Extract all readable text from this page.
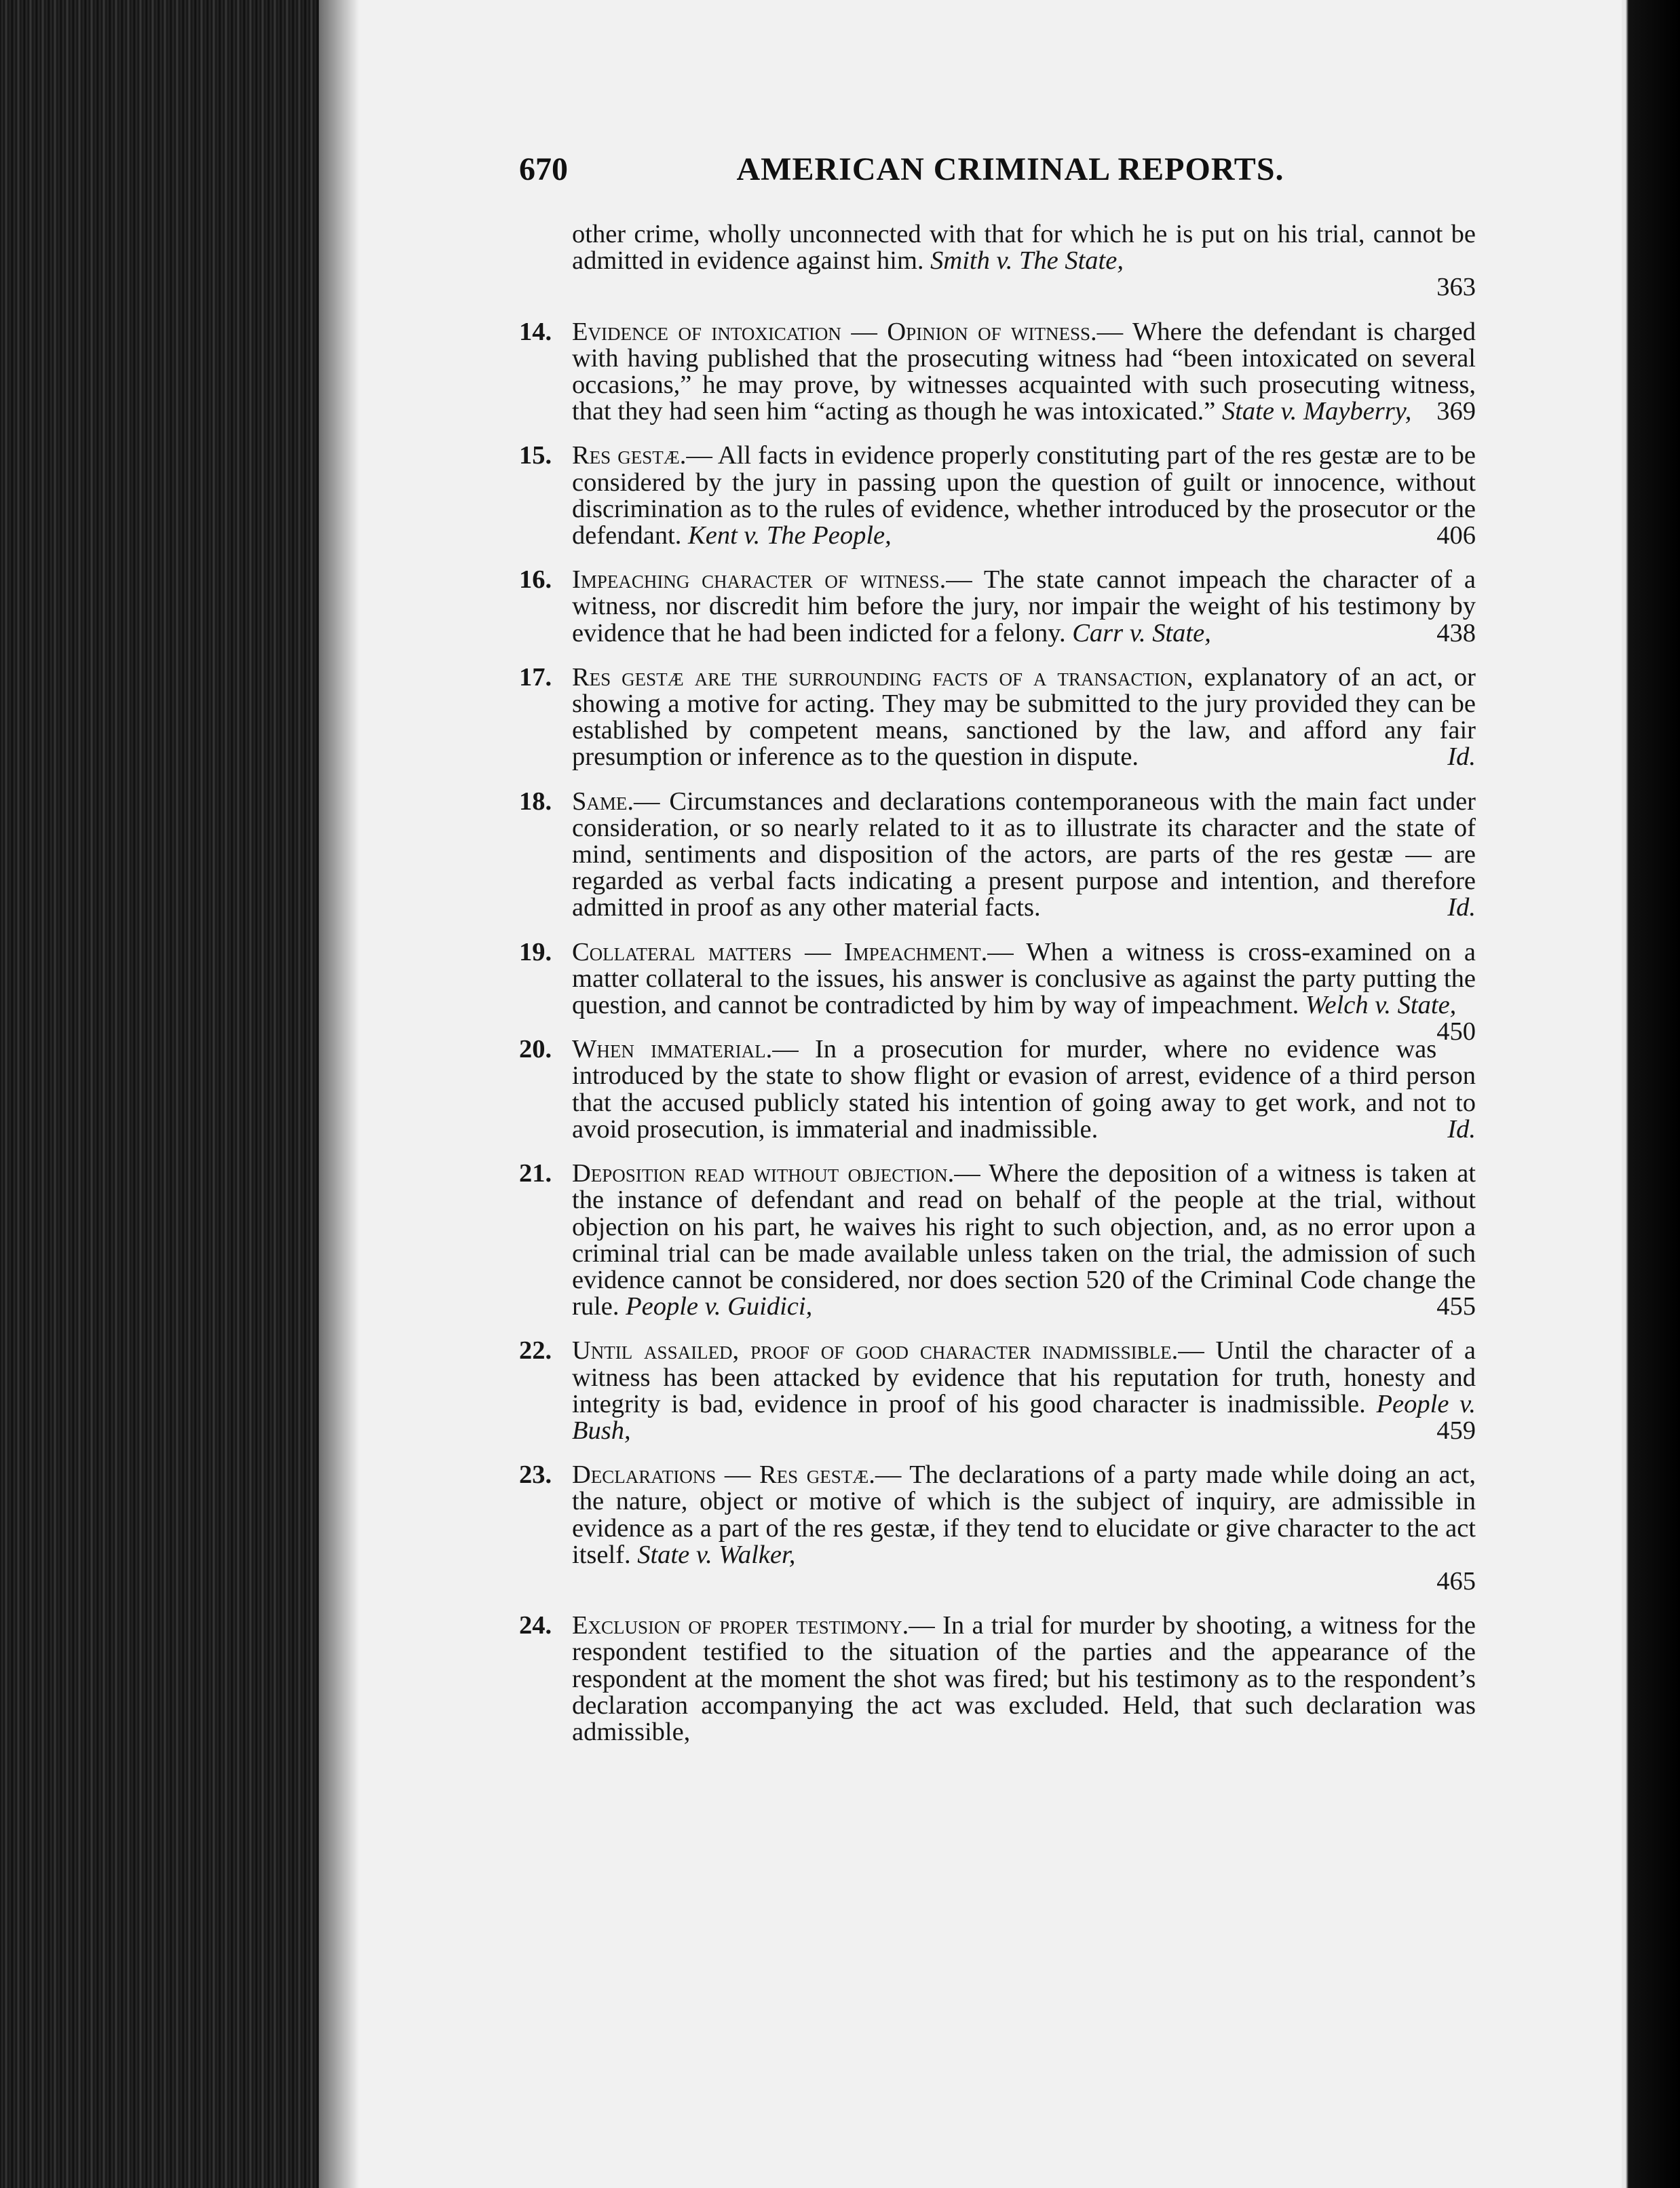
670	AMERICAN CRIMINAL REPORTS.
other crime, wholly unconnected with that for which he is put on his trial, cannot be admitted in evidence against him. Smith v. The State,
363
14. Evidence of intoxication — Opinion of witness.— Where the defendant is charged with having published that the prosecuting witness had “been intoxicated on several occasions,” he may prove, by witnesses acquainted with such prosecuting witness, that they had seen him “acting as though he was intoxicated.” State v. Mayberry, 369
15. Res gestæ.— All facts in evidence properly constituting part of the res gestæ are to be considered by the jury in passing upon the question of guilt or innocence, without discrimination as to the rules of evidence, whether introduced by the prosecutor or the defendant. Kent v. The People,	406
16. Impeaching character of witness.— The state cannot impeach the character of a witness, nor discredit him before the jury, nor impair the weight of his testimony by evidence that he had been indicted for a felony. Carr v. State,	438
17. Res gestæ are the surrounding facts of a transaction, explanatory of an act, or showing a motive for acting. They may be submitted to the jury provided they can be established by competent means, sanctioned by the law, and afford any fair presumption or inference as to the question in dispute.	Id.
18. Same.— Circumstances and declarations contemporaneous with the main fact under consideration, or so nearly related to it as to illustrate its character and the state of mind, sentiments and disposition of the actors, are parts of the res gestæ — are regarded as verbal facts indicating a present purpose and intention, and therefore admitted in proof as any other material facts.	Id.
19. Collateral matters — Impeachment.— When a witness is cross-examined on a matter collateral to the issues, his answer is conclusive as against the party putting the question, and cannot be contradicted by him by way of impeachment. Welch v. State,
450
20. When immaterial.— In a prosecution for murder, where no evidence was introduced by the state to show flight or evasion of arrest, evidence of a third person that the accused publicly stated his intention of going away to get work, and not to avoid prosecution, is immaterial and inadmissible.	Id.
21. Deposition read without objection.— Where the deposition of a witness is taken at the instance of defendant and read on behalf of the people at the trial, without objection on his part, he waives his right to such objection, and, as no error upon a criminal trial can be made available unless taken on the trial, the admission of such evidence cannot be considered, nor does section 520 of the Criminal Code change the rule. People v. Guidici,	455
22. Until assailed, proof of good character inadmissible.— Until the character of a witness has been attacked by evidence that his reputation for truth, honesty and integrity is bad, evidence in proof of his good character is inadmissible. People v. Bush,	459
23. Declarations — Res gestæ.— The declarations of a party made while doing an act, the nature, object or motive of which is the subject of inquiry, are admissible in evidence as a part of the res gestæ, if they tend to elucidate or give character to the act itself. State v. Walker,
465
24. Exclusion of proper testimony.— In a trial for murder by shooting, a witness for the respondent testified to the situation of the parties and the appearance of the respondent at the moment the shot was fired; but his testimony as to the respondent’s declaration accompanying the act was excluded. Held, that such declaration was admissible,
